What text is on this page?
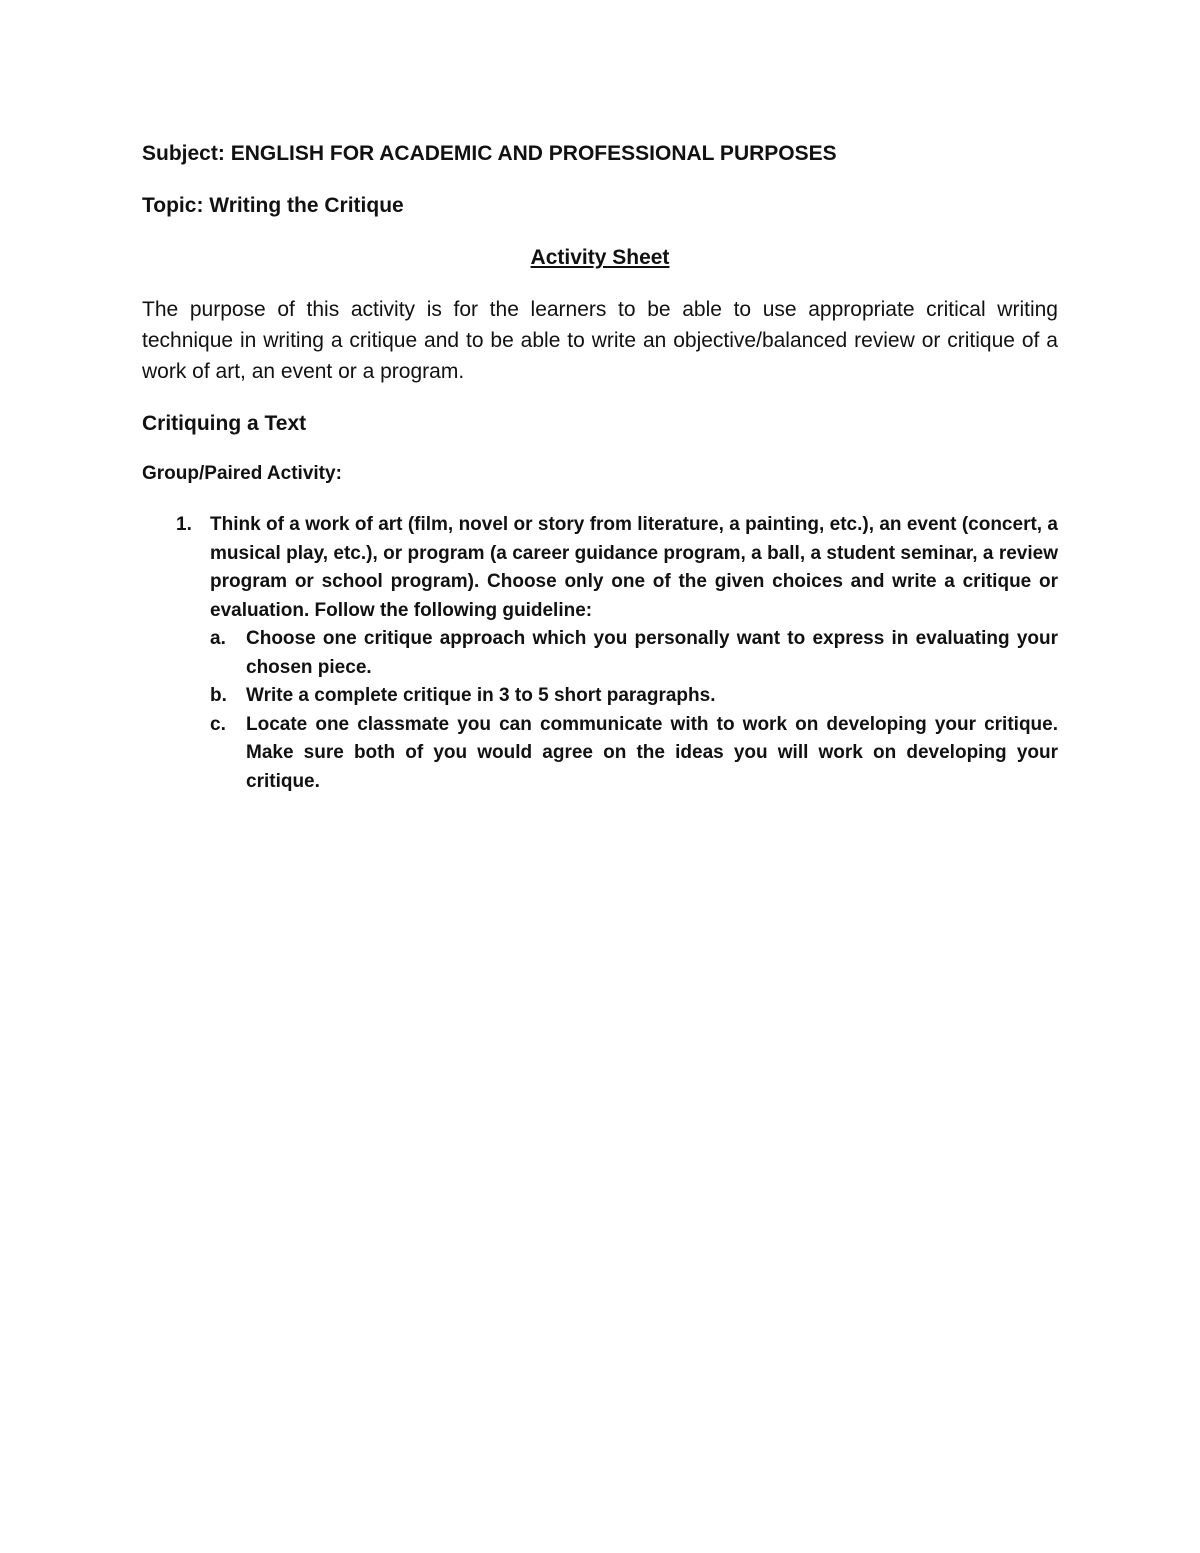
Subject: ENGLISH FOR ACADEMIC AND PROFESSIONAL PURPOSES

Topic: Writing the Critique

Activity Sheet

The purpose of this activity is for the learners to be able to use appropriate critical writing technique in writing a critique and to be able to write an objective/balanced review or critique of a work of art, an event or a program.

Critiquing a Text

Group/Paired Activity:

1. Think of a work of art (film, novel or story from literature, a painting, etc.), an event (concert, a musical play, etc.), or program (a career guidance program, a ball, a student seminar, a review program or school program). Choose only one of the given choices and write a critique or evaluation. Follow the following guideline:
a.	Choose one critique approach which you personally want to express in evaluating your chosen piece.
b.	Write a complete critique in 3 to 5 short paragraphs.
c.	Locate one classmate you can communicate with to work on developing your critique. Make sure both of you would agree on the ideas you will work on developing your critique.
